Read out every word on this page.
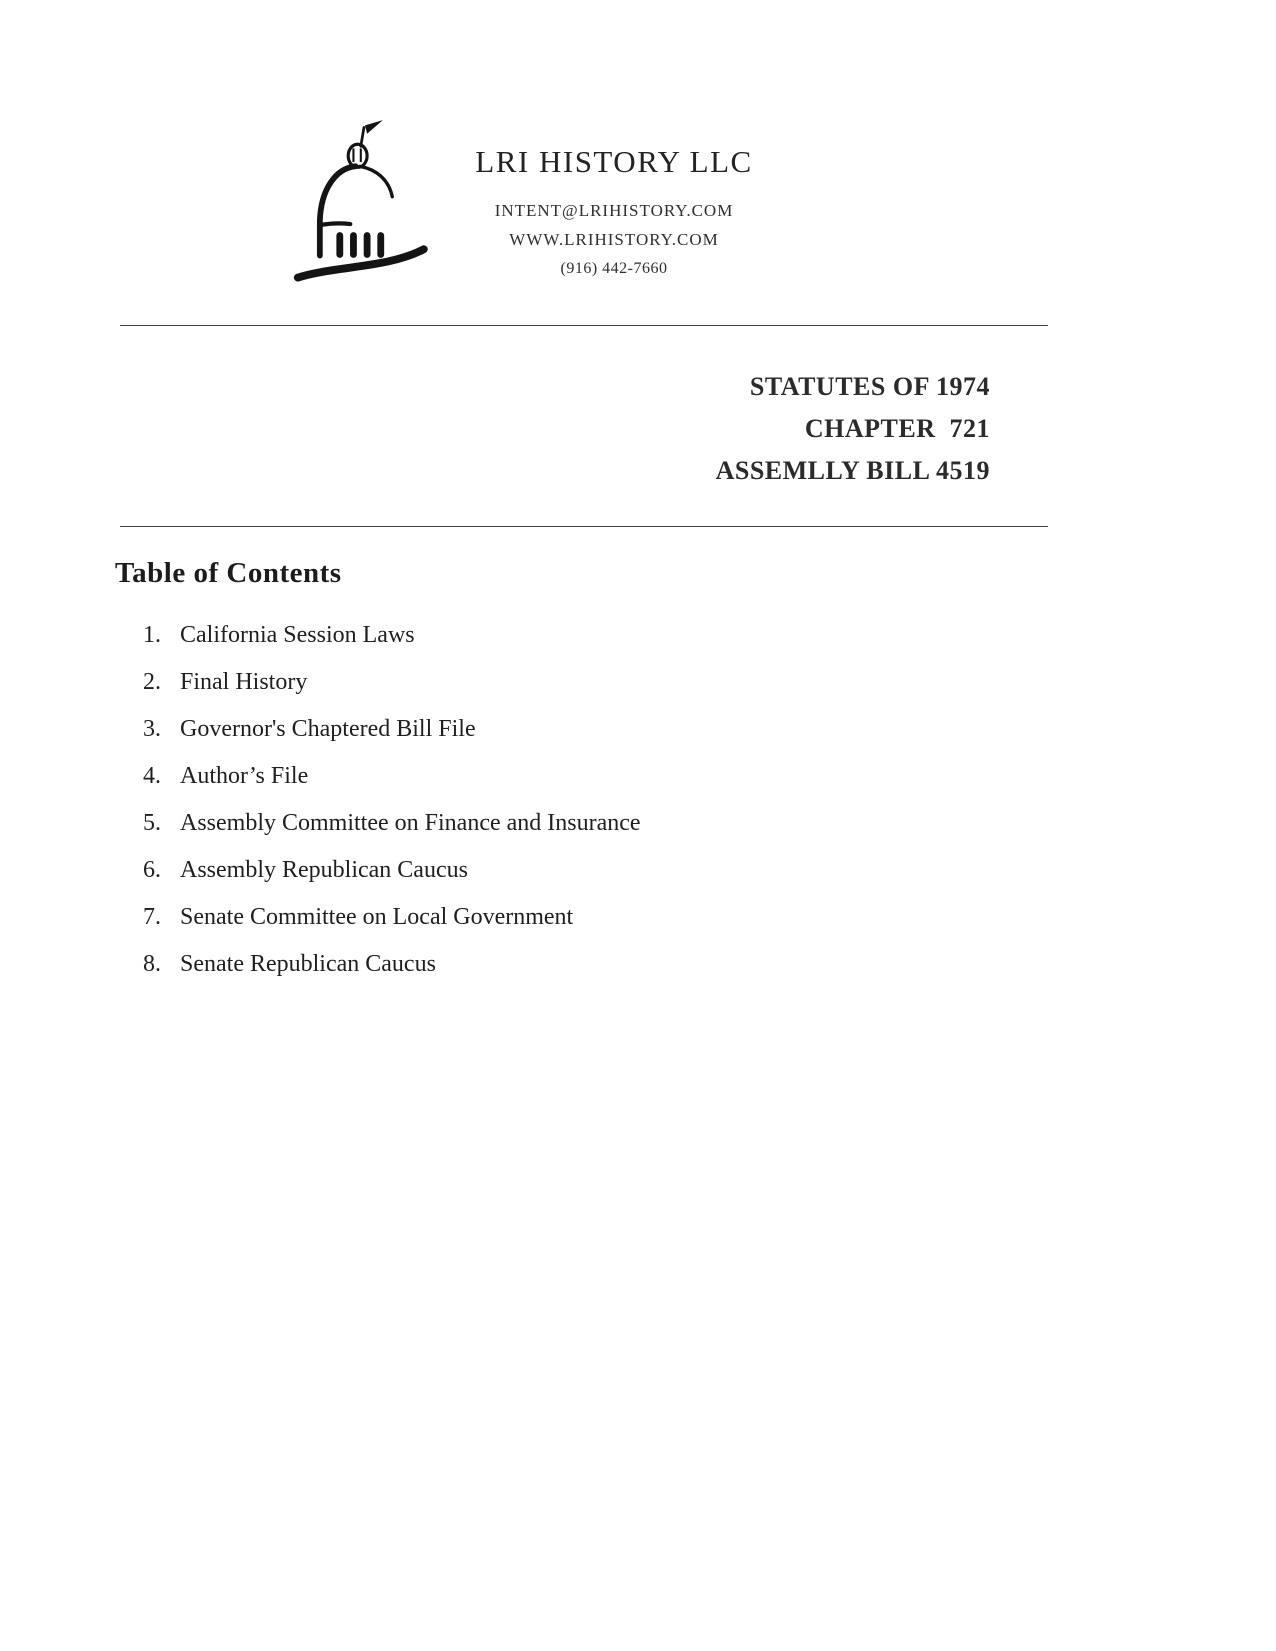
LRI HISTORY LLC
INTENT@LRIHISTORY.COM
WWW.LRIHISTORY.COM
(916) 442-7660
STATUTES OF 1974
CHAPTER  721
ASSEMLLY BILL 4519
Table of Contents
1. California Session Laws
2. Final History
3. Governor's Chaptered Bill File
4. Author’s File
5. Assembly Committee on Finance and Insurance
6. Assembly Republican Caucus
7. Senate Committee on Local Government
8. Senate Republican Caucus
